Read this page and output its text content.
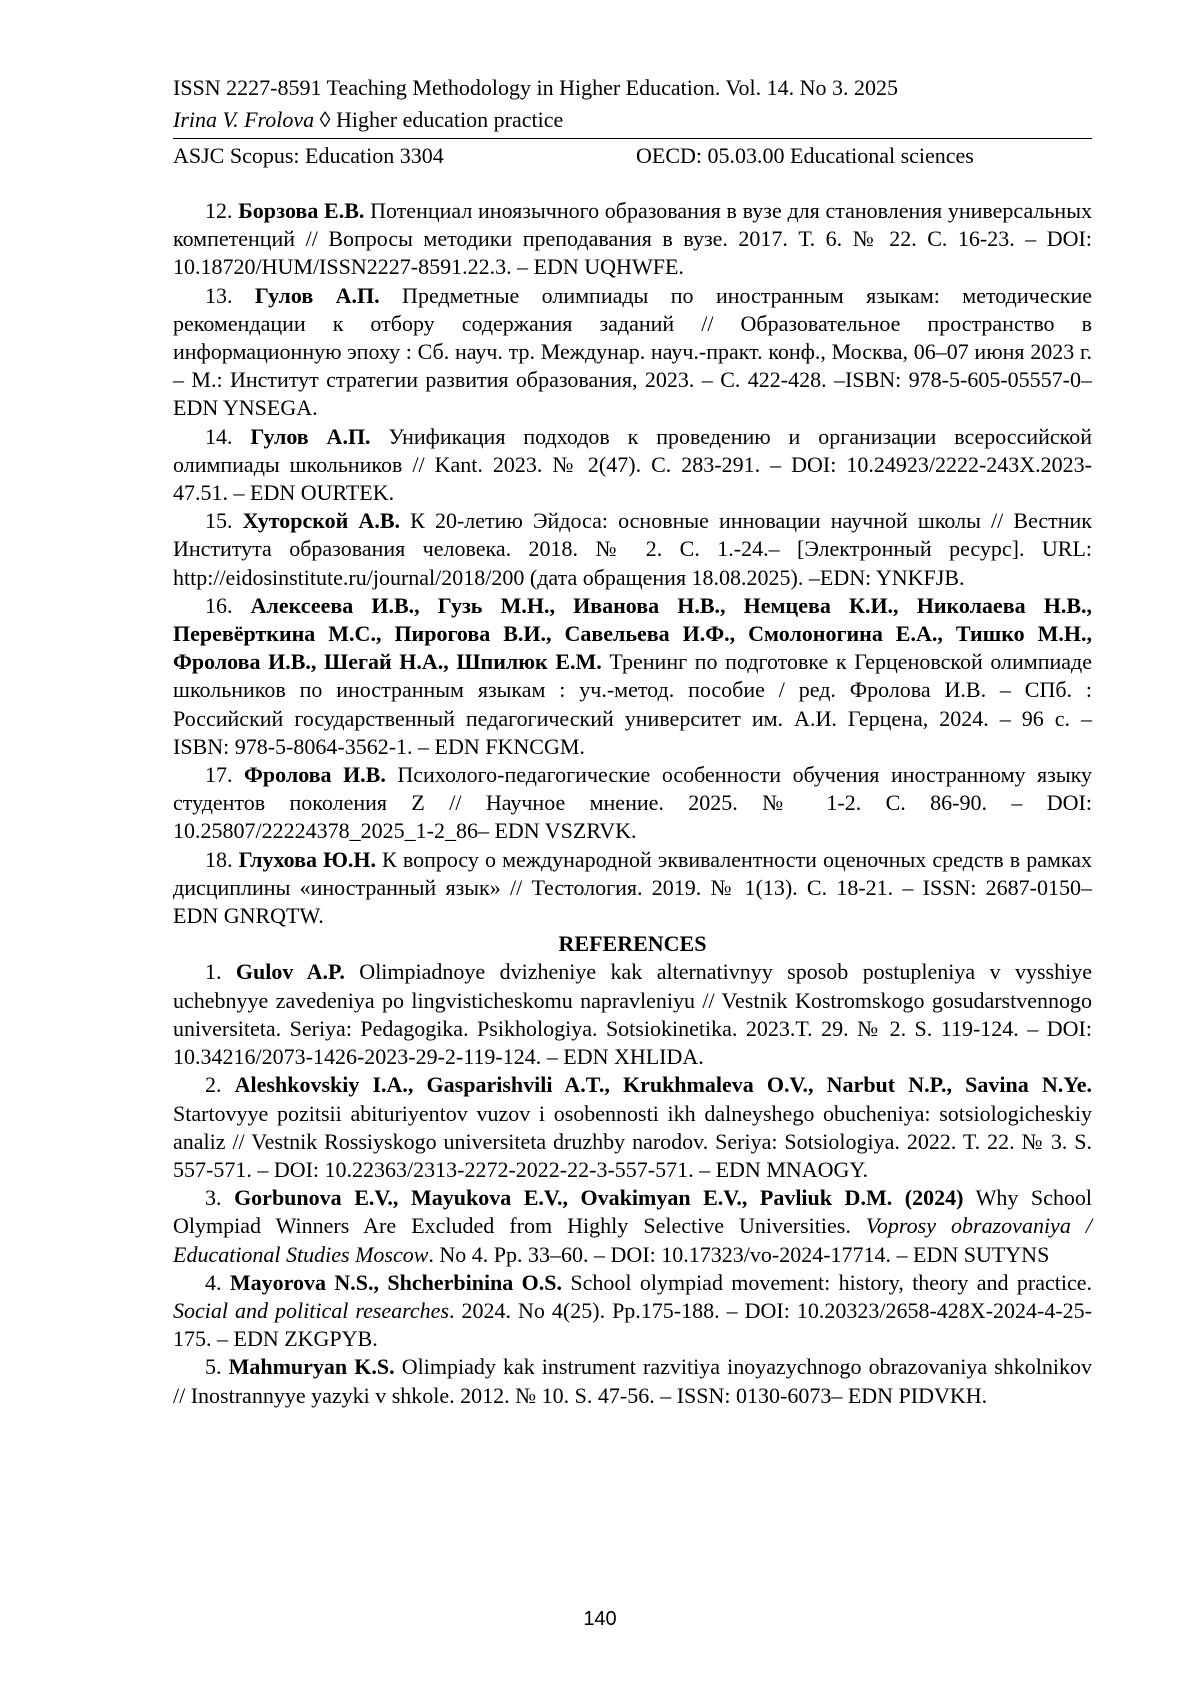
ISSN 2227-8591 Teaching Methodology in Higher Education. Vol. 14. No 3. 2025
Irina V. Frolova ◊ Higher education practice
ASJC Scopus: Education 3304	OECD: 05.03.00 Educational sciences

12. Борзова Е.В. Потенциал иноязычного образования в вузе для становления универсальных компетенций // Вопросы методики преподавания в вузе. 2017. Т. 6. № 22. С. 16-23. – DOI: 10.18720/HUM/ISSN2227-8591.22.3. – EDN UQHWFE.

13. Гулов А.П. Предметные олимпиады по иностранным языкам: методические рекомендации к отбору содержания заданий // Образовательное пространство в информационную эпоху : Сб. науч. тр. Междунар. науч.-практ. конф., Москва, 06–07 июня 2023 г. – М.: Институт стратегии развития образования, 2023. – С. 422-428. –ISBN: 978-5-605-05557-0– EDN YNSEGA.

14. Гулов А.П. Унификация подходов к проведению и организации всероссийской олимпиады школьников // Kant. 2023. № 2(47). С. 283-291. – DOI: 10.24923/2222-243X.2023-47.51. – EDN OURTEK.

15. Хуторской А.В. К 20-летию Эйдоса: основные инновации научной школы // Вестник Института образования человека. 2018. № 2. С. 1.-24.– [Электронный ресурс]. URL: http://eidosinstitute.ru/journal/2018/200 (дата обращения 18.08.2025). –EDN: YNKFJB.

16. Алексеева И.В., Гузь М.Н., Иванова Н.В., Немцева К.И., Николаева Н.В., Перевёрткина М.С., Пирогова В.И., Савельева И.Ф., Смолоногина Е.А., Тишко М.Н., Фролова И.В., Шегай Н.А., Шпилюк Е.М. Тренинг по подготовке к Герценовской олимпиаде школьников по иностранным языкам : уч.-метод. пособие / ред. Фролова И.В. – СПб. : Российский государственный педагогический университет им. А.И. Герцена, 2024. – 96 с. – ISBN: 978-5-8064-3562-1. – EDN FKNCGM.

17. Фролова И.В. Психолого-педагогические особенности обучения иностранному языку студентов поколения Z // Научное мнение. 2025. № 1-2. С. 86-90. – DOI: 10.25807/22224378_2025_1-2_86– EDN VSZRVK.

18. Глухова Ю.Н. К вопросу о международной эквивалентности оценочных средств в рамках дисциплины «иностранный язык» // Тестология. 2019. № 1(13). С. 18-21. – ISSN: 2687-0150– EDN GNRQTW.

REFERENCES

1. Gulov A.P. Olimpiadnoye dvizheniye kak alternativnyy sposob postupleniya v vysshiye uchebnyye zavedeniya po lingvisticheskomu napravleniyu // Vestnik Kostromskogo gosudarstvennogo universiteta. Seriya: Pedagogika. Psikhologiya. Sotsiokinetika. 2023.T. 29. № 2. S. 119-124. – DOI: 10.34216/2073-1426-2023-29-2-119-124. – EDN XHLIDA.

2. Aleshkovskiy I.A., Gasparishvili A.T., Krukhmaleva O.V., Narbut N.P., Savina N.Ye. Startovyye pozitsii abituriyentov vuzov i osobennosti ikh dalneyshego obucheniya: sotsiologicheskiy analiz // Vestnik Rossiyskogo universiteta druzhby narodov. Seriya: Sotsiologiya. 2022. T. 22. № 3. S. 557-571. – DOI: 10.22363/2313-2272-2022-22-3-557-571. – EDN MNAOGY.

3. Gorbunova E.V., Mayukova E.V., Ovakimyan E.V., Pavliuk D.M. (2024) Why School Olympiad Winners Are Excluded from Highly Selective Universities. Voprosy obrazovaniya / Educational Studies Moscow. No 4. Pp. 33–60. – DOI: 10.17323/vo-2024-17714. – EDN SUTYNS

4. Mayorova N.S., Shcherbinina O.S. School olympiad movement: history, theory and practice. Social and political researches. 2024. No 4(25). Pp.175-188. – DOI: 10.20323/2658-428X-2024-4-25-175. – EDN ZKGPYB.

5. Mahmuryan K.S. Olimpiady kak instrument razvitiya inoyazychnogo obrazovaniya shkolnikov // Inostrannyye yazyki v shkole. 2012. № 10. S. 47-56. – ISSN: 0130-6073– EDN PIDVKH.

140
